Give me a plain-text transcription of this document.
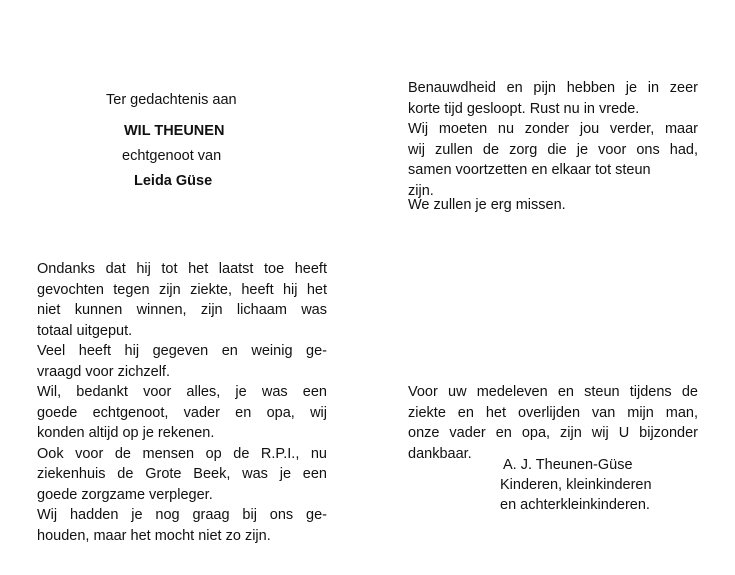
Ter gedachtenis aan
WIL THEUNEN
echtgenoot van
Leida Güse
Ondanks dat hij tot het laatst toe heeft
gevochten tegen zijn ziekte, heeft hij het
niet kunnen winnen, zijn lichaam was
totaal uitgeput.
Veel heeft hij gegeven en weinig ge-
vraagd voor zichzelf.
Wil, bedankt voor alles, je was een
goede echtgenoot, vader en opa, wij
konden altijd op je rekenen.
Ook voor de mensen op de R.P.I., nu
ziekenhuis de Grote Beek, was je een
goede zorgzame verpleger.
Wij hadden je nog graag bij ons ge-
houden, maar het mocht niet zo zijn.
Benauwdheid en pijn hebben je in zeer
korte tijd gesloopt. Rust nu in vrede.
Wij moeten nu zonder jou verder, maar
wij zullen de zorg die je voor ons had,
samen voortzetten en elkaar tot steun
zijn.
We zullen je erg missen.
Voor uw medeleven en steun tijdens de
ziekte en het overlijden van mijn man,
onze vader en opa, zijn wij U bijzonder
dankbaar.
A. J. Theunen-Güse
Kinderen, kleinkinderen
en achterkleinkinderen.
